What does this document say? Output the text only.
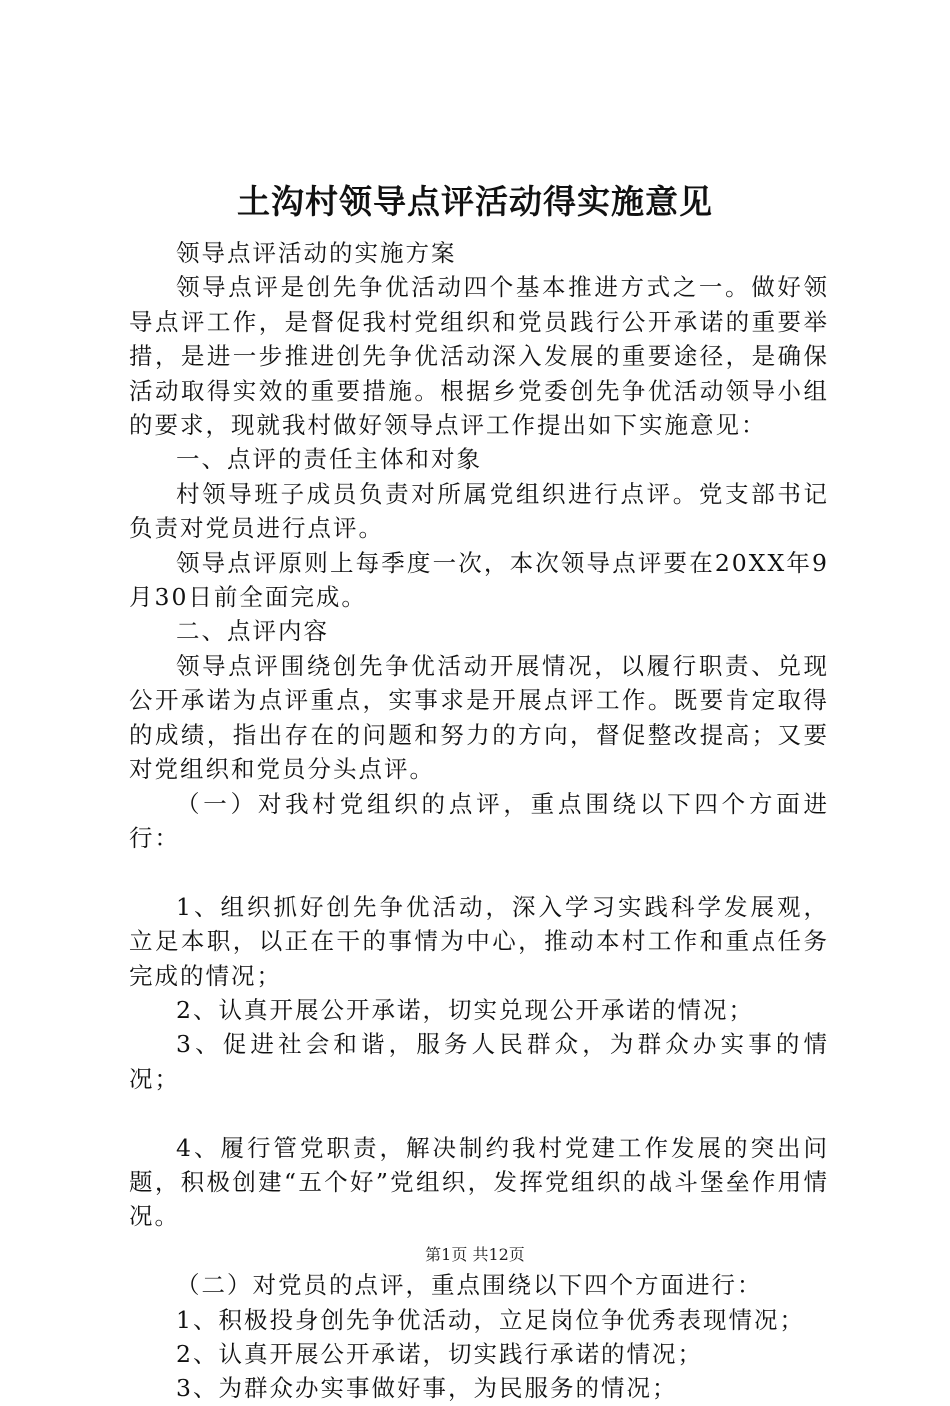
土沟村领导点评活动得实施意见

领导点评活动的实施方案

领导点评是创先争优活动四个基本推进方式之一。做好领导点评工作，是督促我村党组织和党员践行公开承诺的重要举措，是进一步推进创先争优活动深入发展的重要途径，是确保活动取得实效的重要措施。根据乡党委创先争优活动领导小组的要求，现就我村做好领导点评工作提出如下实施意见：

一、点评的责任主体和对象

村领导班子成员负责对所属党组织进行点评。党支部书记负责对党员进行点评。

领导点评原则上每季度一次，本次领导点评要在20XX年9月30日前全面完成。

二、点评内容

领导点评围绕创先争优活动开展情况，以履行职责、兑现公开承诺为点评重点，实事求是开展点评工作。既要肯定取得的成绩，指出存在的问题和努力的方向，督促整改提高；又要对党组织和党员分头点评。

（一）对我村党组织的点评，重点围绕以下四个方面进行：

1、组织抓好创先争优活动，深入学习实践科学发展观，立足本职，以正在干的事情为中心，推动本村工作和重点任务完成的情况；

2、认真开展公开承诺，切实兑现公开承诺的情况；

3、促进社会和谐，服务人民群众，为群众办实事的情况；

4、履行管党职责，解决制约我村党建工作发展的突出问题，积极创建“五个好”党组织，发挥党组织的战斗堡垒作用情况。

（二）对党员的点评，重点围绕以下四个方面进行：

1、积极投身创先争优活动，立足岗位争优秀表现情况；

2、认真开展公开承诺，切实践行承诺的情况；

3、为群众办实事做好事，为民服务的情况；

第1页 共12页
